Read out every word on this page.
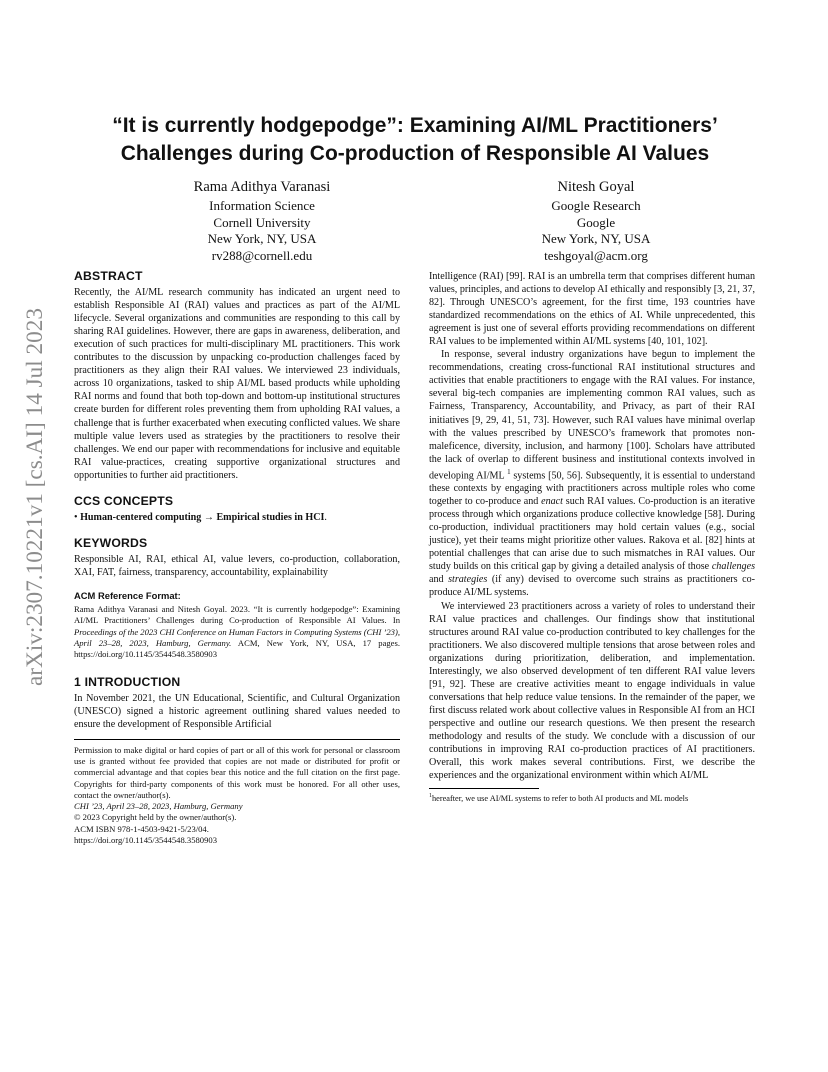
arXiv:2307.10221v1 [cs.AI] 14 Jul 2023
“It is currently hodgepodge”: Examining AI/ML Practitioners’ Challenges during Co-production of Responsible AI Values
Rama Adithya Varanasi
Information Science
Cornell University
New York, NY, USA
rv288@cornell.edu
Nitesh Goyal
Google Research
Google
New York, NY, USA
teshgoyal@acm.org
ABSTRACT

Recently, the AI/ML research community has indicated an urgent need to establish Responsible AI (RAI) values and practices as part of the AI/ML lifecycle. Several organizations and communities are responding to this call by sharing RAI guidelines. However, there are gaps in awareness, deliberation, and execution of such practices for multi-disciplinary ML practitioners. This work contributes to the discussion by unpacking co-production challenges faced by practitioners as they align their RAI values. We interviewed 23 individuals, across 10 organizations, tasked to ship AI/ML based products while upholding RAI norms and found that both top-down and bottom-up institutional structures create burden for different roles preventing them from upholding RAI values, a challenge that is further exacerbated when executing conflicted values. We share multiple value levers used as strategies by the practitioners to resolve their challenges. We end our paper with recommendations for inclusive and equitable RAI value-practices, creating supportive organizational structures and opportunities to further aid practitioners.

CCS CONCEPTS

• Human-centered computing → Empirical studies in HCI.

KEYWORDS

Responsible AI, RAI, ethical AI, value levers, co-production, collaboration, XAI, FAT, fairness, transparency, accountability, explainability

ACM Reference Format:

Rama Adithya Varanasi and Nitesh Goyal. 2023. “It is currently hodgepodge”: Examining AI/ML Practitioners’ Challenges during Co-production of Responsible AI Values. In Proceedings of the 2023 CHI Conference on Human Factors in Computing Systems (CHI ’23), April 23–28, 2023, Hamburg, Germany. ACM, New York, NY, USA, 17 pages. https://doi.org/10.1145/3544548.3580903

1 INTRODUCTION

In November 2021, the UN Educational, Scientific, and Cultural Organization (UNESCO) signed a historic agreement outlining shared values needed to ensure the development of Responsible Artificial

Permission to make digital or hard copies of part or all of this work for personal or classroom use is granted without fee provided that copies are not made or distributed for profit or commercial advantage and that copies bear this notice and the full citation on the first page. Copyrights for third-party components of this work must be honored. For all other uses, contact the owner/author(s).

CHI ’23, April 23–28, 2023, Hamburg, Germany

© 2023 Copyright held by the owner/author(s).

ACM ISBN 978-1-4503-9421-5/23/04.

https://doi.org/10.1145/3544548.3580903

Intelligence (RAI) [99]. RAI is an umbrella term that comprises different human values, principles, and actions to develop AI ethically and responsibly [3, 21, 37, 82]. Through UNESCO’s agreement, for the first time, 193 countries have standardized recommendations on the ethics of AI. While unprecedented, this agreement is just one of several efforts providing recommendations on different RAI values to be implemented within AI/ML systems [40, 101, 102].

In response, several industry organizations have begun to implement the recommendations, creating cross-functional RAI institutional structures and activities that enable practitioners to engage with the RAI values. For instance, several big-tech companies are implementing common RAI values, such as Fairness, Transparency, Accountability, and Privacy, as part of their RAI initiatives [9, 29, 41, 51, 73]. However, such RAI values have minimal overlap with the values prescribed by UNESCO’s framework that promotes non-maleficence, diversity, inclusion, and harmony [100]. Scholars have attributed the lack of overlap to different business and institutional contexts involved in developing AI/ML $^1$ systems [50, 56]. Subsequently, it is essential to understand these contexts by engaging with practitioners across multiple roles who come together to co-produce and enact such RAI values. Co-production is an iterative process through which organizations produce collective knowledge [58]. During co-production, individual practitioners may hold certain values (e.g., social justice), yet their teams might prioritize other values. Rakova et al. [82] hints at potential challenges that can arise due to such mismatches in RAI values. Our study builds on this critical gap by giving a detailed analysis of those challenges and strategies (if any) devised to overcome such strains as practitioners co-produce AI/ML systems.

We interviewed 23 practitioners across a variety of roles to understand their RAI value practices and challenges. Our findings show that institutional structures around RAI value co-production contributed to key challenges for the practitioners. We also discovered multiple tensions that arose between roles and organizations during prioritization, deliberation, and implementation. Interestingly, we also observed development of ten different RAI value levers [91, 92]. These are creative activities meant to engage individuals in value conversations that help reduce value tensions. In the remainder of the paper, we first discuss related work about collective values in Responsible AI from an HCI perspective and outline our research questions. We then present the research methodology and results of the study. We conclude with a discussion of our contributions in improving RAI co-production practices of AI practitioners. Overall, this work makes several contributions. First, we describe the experiences and the organizational environment within which AI/ML

$^1$hereafter, we use AI/ML systems to refer to both AI products and ML models
